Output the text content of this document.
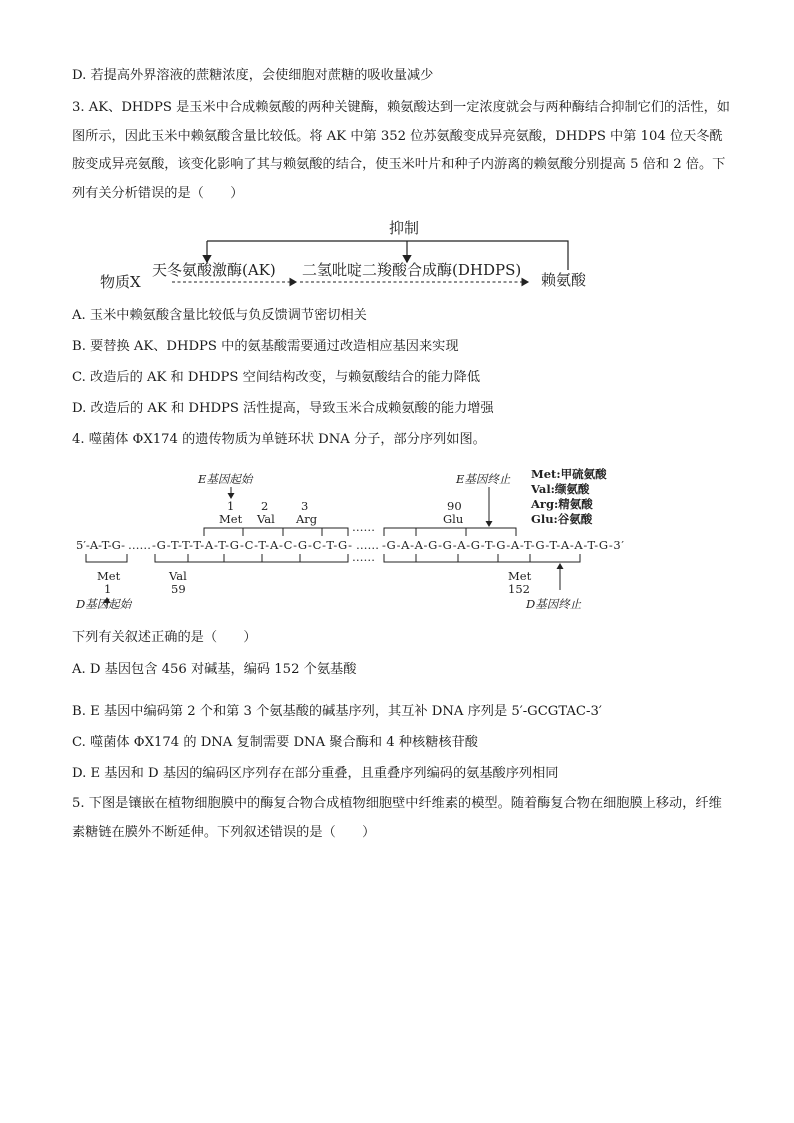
D. 若提高外界溶液的蔗糖浓度，会使细胞对蔗糖的吸收量减少
3. AK、DHDPS 是玉米中合成赖氨酸的两种关键酶，赖氨酸达到一定浓度就会与两种酶结合抑制它们的活性，如图所示，因此玉米中赖氨酸含量比较低。将 AK 中第 352 位苏氨酸变成异亮氨酸，DHDPS 中第 104 位天冬酰胺变成异亮氨酸，该变化影响了其与赖氨酸的结合，使玉米叶片和种子内游离的赖氨酸分别提高 5 倍和 2 倍。下列有关分析错误的是（　　）
抑制
物质X
天冬氨酸激酶(AK) 二氢吡啶二羧酸合成酶(DHDPS)
赖氨酸
A. 玉米中赖氨酸含量比较低与负反馈调节密切相关
B. 要替换 AK、DHDPS 中的氨基酸需要通过改造相应基因来实现
C. 改造后的 AK 和 DHDPS 空间结构改变，与赖氨酸结合的能力降低
D. 改造后的 AK 和 DHDPS 活性提高，导致玉米合成赖氨酸的能力增强
4. 噬菌体 ΦX174 的遗传物质为单链环状 DNA 分子，部分序列如图。
E基因起始
1 2	3
Met Val Arg
……
90
Glu
E基因终止 Met:甲硫氨酸
Val:缬氨酸
Arg:精氨酸
Glu:谷氨酸
5′-A-T-G- …… -G-T-T-T-A-T-G-C-T-A-C-G-C-T-G- …… -G-A-A-G-G-A-G-T-G-A-T-G-T-A-A-T-G-3′
……
Met
1
Val
59
Met
152
D基因起始	D基因终止
下列有关叙述正确的是（　　）
A. D 基因包含 456 对碱基，编码 152 个氨基酸
B. E 基因中编码第 2 个和第 3 个氨基酸的碱基序列，其互补 DNA 序列是 5′-GCGTAC-3′
C. 噬菌体 ΦX174 的 DNA 复制需要 DNA 聚合酶和 4 种核糖核苷酸
D. E 基因和 D 基因的编码区序列存在部分重叠，且重叠序列编码的氨基酸序列相同
5. 下图是镶嵌在植物细胞膜中的酶复合物合成植物细胞壁中纤维素的模型。随着酶复合物在细胞膜上移动，纤维素糖链在膜外不断延伸。下列叙述错误的是（　　）
